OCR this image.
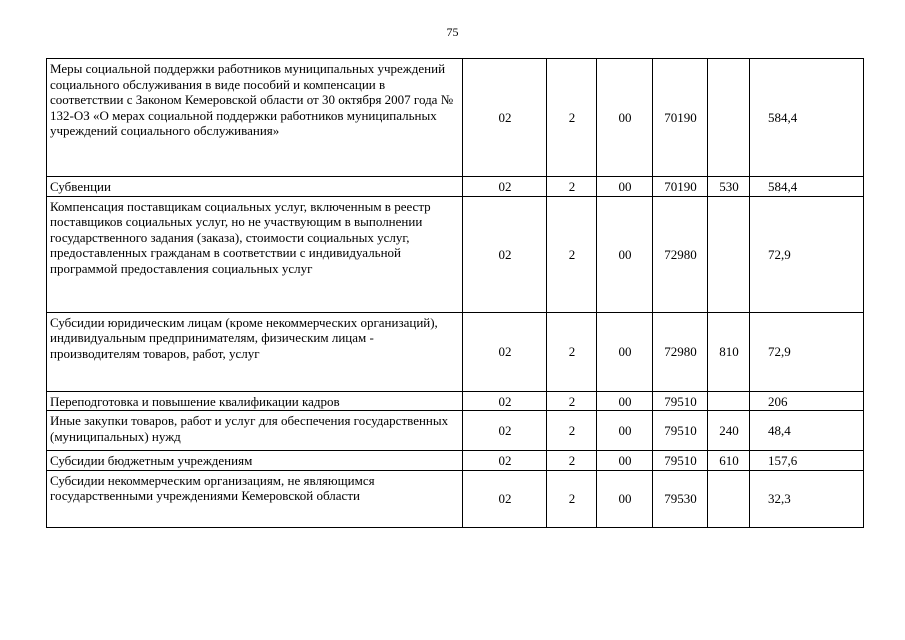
75
Меры социальной поддержки работников муниципальных учреждений социального обслуживания в виде пособий и компенсации в соответствии с Законом Кемеровской области от 30 октября 2007 года № 132-ОЗ «О мерах социальной поддержки работников муниципальных учреждений социального обслуживания»	02	2	00	70190		584,4
Субвенции	02	2	00	70190	530	584,4
Компенсация поставщикам социальных услуг, включенным в реестр поставщиков социальных услуг, но не участвующим в выполнении государственного задания (заказа), стоимости социальных услуг, предоставленных гражданам в соответствии с индивидуальной программой предоставления социальных услуг	02	2	00	72980		72,9
Субсидии юридическим лицам (кроме некоммерческих организаций), индивидуальным предпринимателям, физическим лицам - производителям товаров, работ, услуг	02	2	00	72980	810	72,9
Переподготовка и повышение квалификации кадров	02	2	00	79510		206
Иные закупки товаров, работ и услуг для обеспечения государственных (муниципальных) нужд	02	2	00	79510	240	48,4
Субсидии бюджетным учреждениям	02	2	00	79510	610	157,6
Субсидии некоммерческим организациям, не являющимся государственными учреждениями Кемеровской области	02	2	00	79530		32,3
